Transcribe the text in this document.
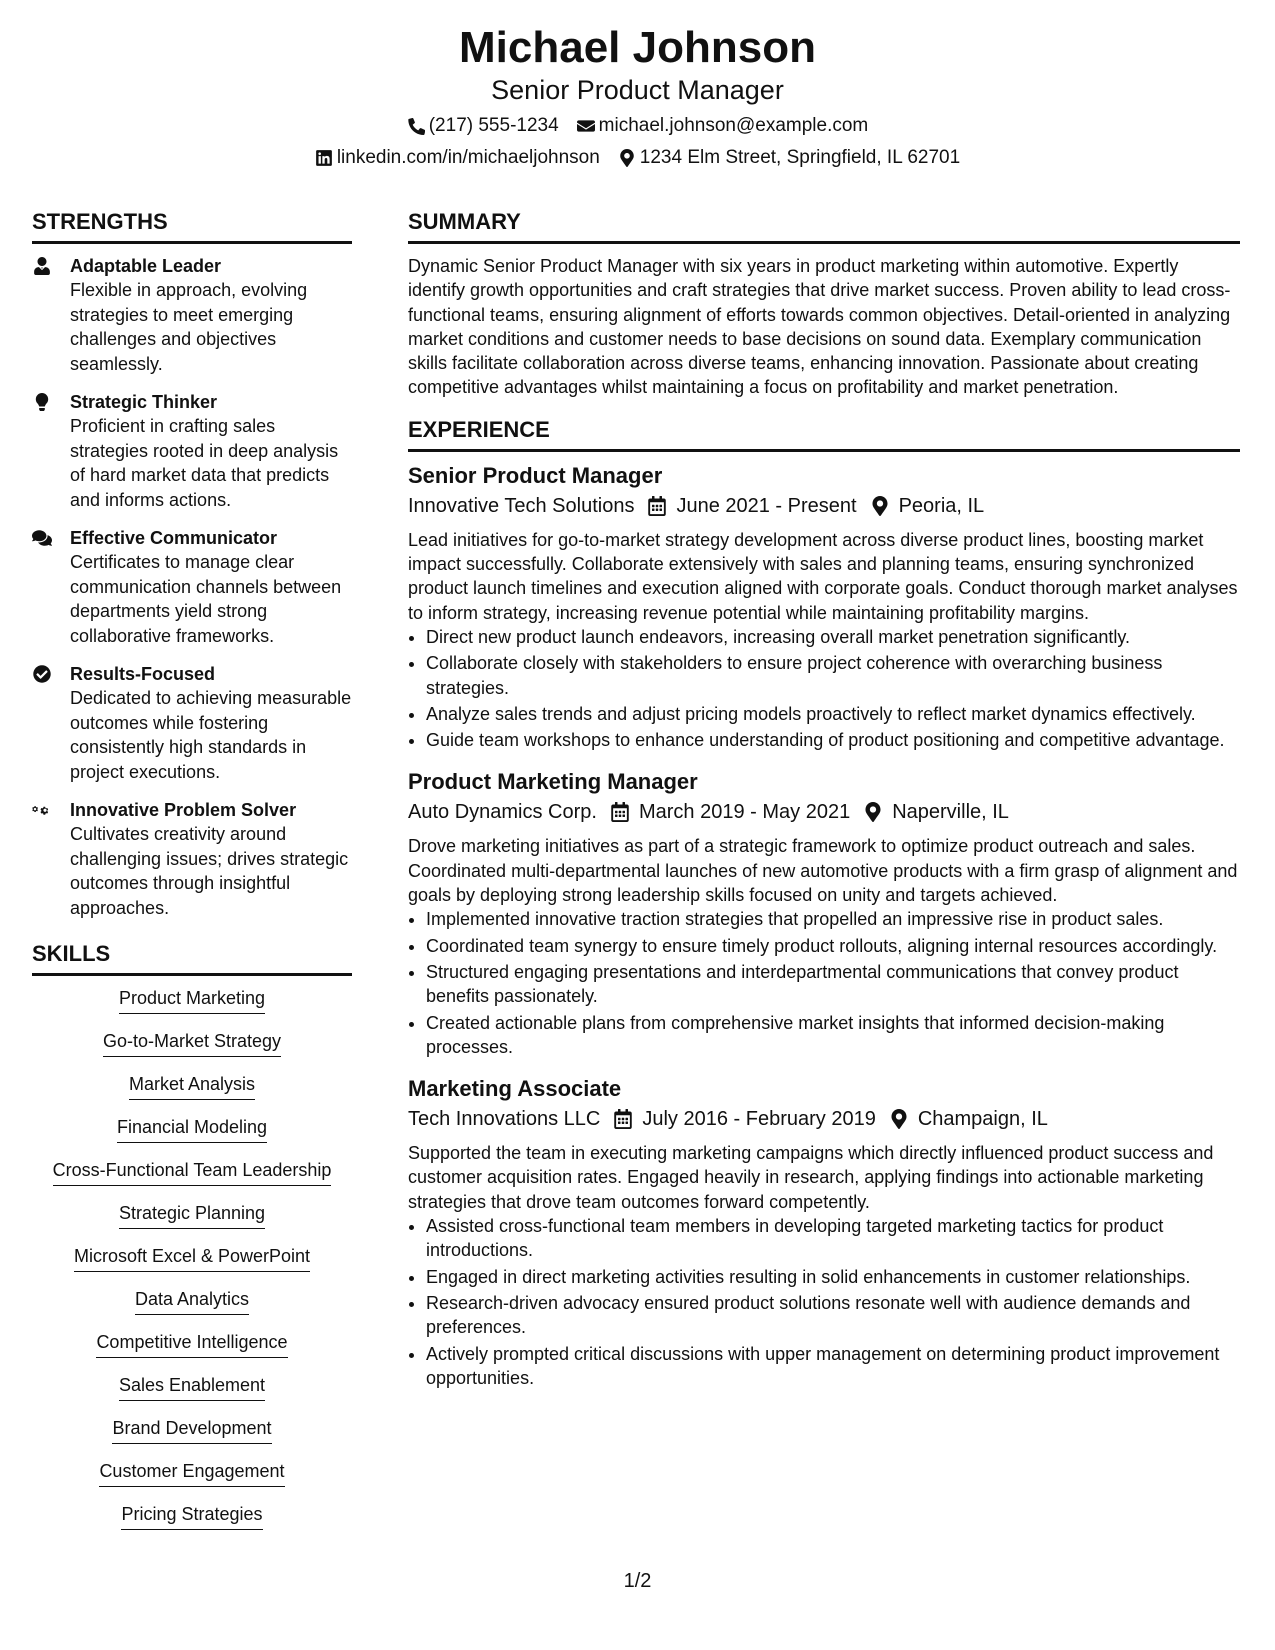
Michael Johnson
Senior Product Manager
(217) 555-1234 michael.johnson@example.com
linkedin.com/in/michaeljohnson 1234 Elm Street, Springfield, IL 62701
STRENGTHS
Adaptable Leader
Flexible in approach, evolving strategies to meet emerging challenges and objectives seamlessly.
Strategic Thinker
Proficient in crafting sales strategies rooted in deep analysis of hard market data that predicts and informs actions.
Effective Communicator
Certificates to manage clear communication channels between departments yield strong collaborative frameworks.
Results-Focused
Dedicated to achieving measurable outcomes while fostering consistently high standards in project executions.
Innovative Problem Solver
Cultivates creativity around challenging issues; drives strategic outcomes through insightful approaches.
SKILLS
Product Marketing
Go-to-Market Strategy
Market Analysis
Financial Modeling
Cross-Functional Team Leadership
Strategic Planning
Microsoft Excel & PowerPoint
Data Analytics
Competitive Intelligence
Sales Enablement
Brand Development
Customer Engagement
Pricing Strategies
SUMMARY
Dynamic Senior Product Manager with six years in product marketing within automotive. Expertly identify growth opportunities and craft strategies that drive market success. Proven ability to lead cross-functional teams, ensuring alignment of efforts towards common objectives. Detail-oriented in analyzing market conditions and customer needs to base decisions on sound data. Exemplary communication skills facilitate collaboration across diverse teams, enhancing innovation. Passionate about creating competitive advantages whilst maintaining a focus on profitability and market penetration.
EXPERIENCE
Senior Product Manager
Innovative Tech Solutions June 2021 - Present Peoria, IL
Lead initiatives for go-to-market strategy development across diverse product lines, boosting market impact successfully. Collaborate extensively with sales and planning teams, ensuring synchronized product launch timelines and execution aligned with corporate goals. Conduct thorough market analyses to inform strategy, increasing revenue potential while maintaining profitability margins.
• Direct new product launch endeavors, increasing overall market penetration significantly.
• Collaborate closely with stakeholders to ensure project coherence with overarching business strategies.
• Analyze sales trends and adjust pricing models proactively to reflect market dynamics effectively.
• Guide team workshops to enhance understanding of product positioning and competitive advantage.
Product Marketing Manager
Auto Dynamics Corp. March 2019 - May 2021 Naperville, IL
Drove marketing initiatives as part of a strategic framework to optimize product outreach and sales. Coordinated multi-departmental launches of new automotive products with a firm grasp of alignment and goals by deploying strong leadership skills focused on unity and targets achieved.
• Implemented innovative traction strategies that propelled an impressive rise in product sales.
• Coordinated team synergy to ensure timely product rollouts, aligning internal resources accordingly.
• Structured engaging presentations and interdepartmental communications that convey product benefits passionately.
• Created actionable plans from comprehensive market insights that informed decision-making processes.
Marketing Associate
Tech Innovations LLC July 2016 - February 2019 Champaign, IL
Supported the team in executing marketing campaigns which directly influenced product success and customer acquisition rates. Engaged heavily in research, applying findings into actionable marketing strategies that drove team outcomes forward competently.
• Assisted cross-functional team members in developing targeted marketing tactics for product introductions.
• Engaged in direct marketing activities resulting in solid enhancements in customer relationships.
• Research-driven advocacy ensured product solutions resonate well with audience demands and preferences.
• Actively prompted critical discussions with upper management on determining product improvement opportunities.
1/2
